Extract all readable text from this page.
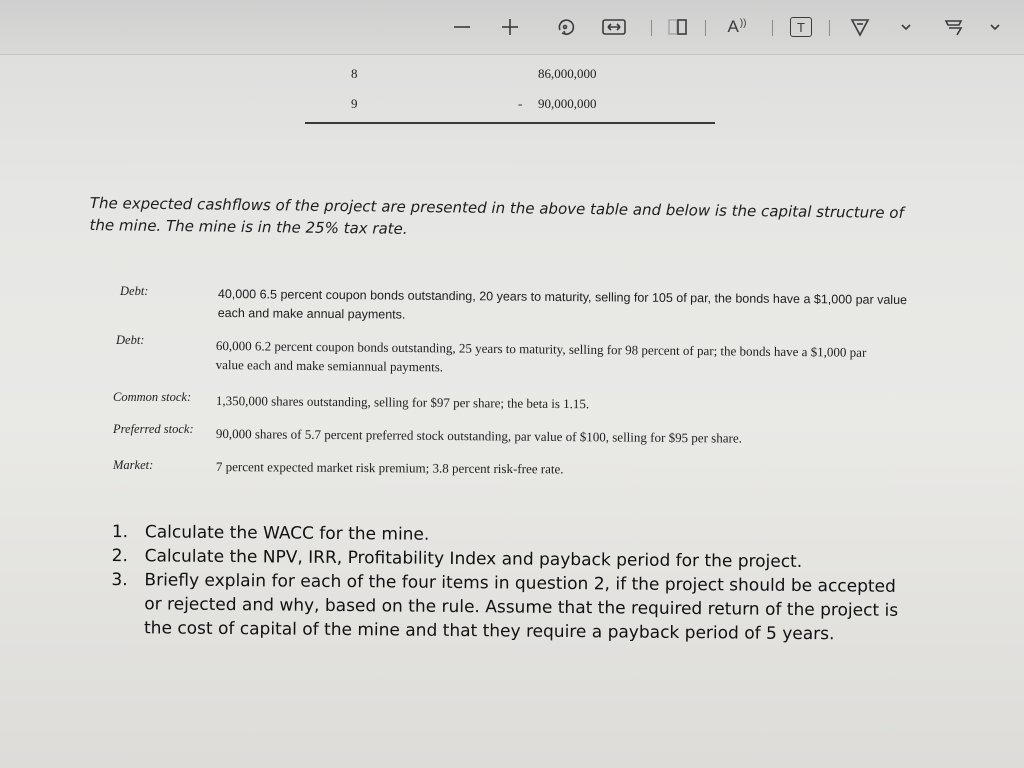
A ))	T
8	86,000,000
9	- 90,000,000
The expected cashflows of the project are presented in the above table and below is the capital structure of the mine. The mine is in the 25% tax rate.
Debt:	40,000 6.5 percent coupon bonds outstanding, 20 years to maturity, selling for 105 of par, the bonds have a $1,000 par value each and make annual payments.
Debt:	60,000 6.2 percent coupon bonds outstanding, 25 years to maturity, selling for 98 percent of par; the bonds have a $1,000 par value each and make semiannual payments.
Common stock: 1,350,000 shares outstanding, selling for $97 per share; the beta is 1.15.
Preferred stock: 90,000 shares of 5.7 percent preferred stock outstanding, par value of $100, selling for $95 per share.
Market:	7 percent expected market risk premium; 3.8 percent risk-free rate.
1. Calculate the WACC for the mine.
2. Calculate the NPV, IRR, Profitability Index and payback period for the project.
3. Briefly explain for each of the four items in question 2, if the project should be accepted or rejected and why, based on the rule. Assume that the required return of the project is the cost of capital of the mine and that they require a payback period of 5 years.
